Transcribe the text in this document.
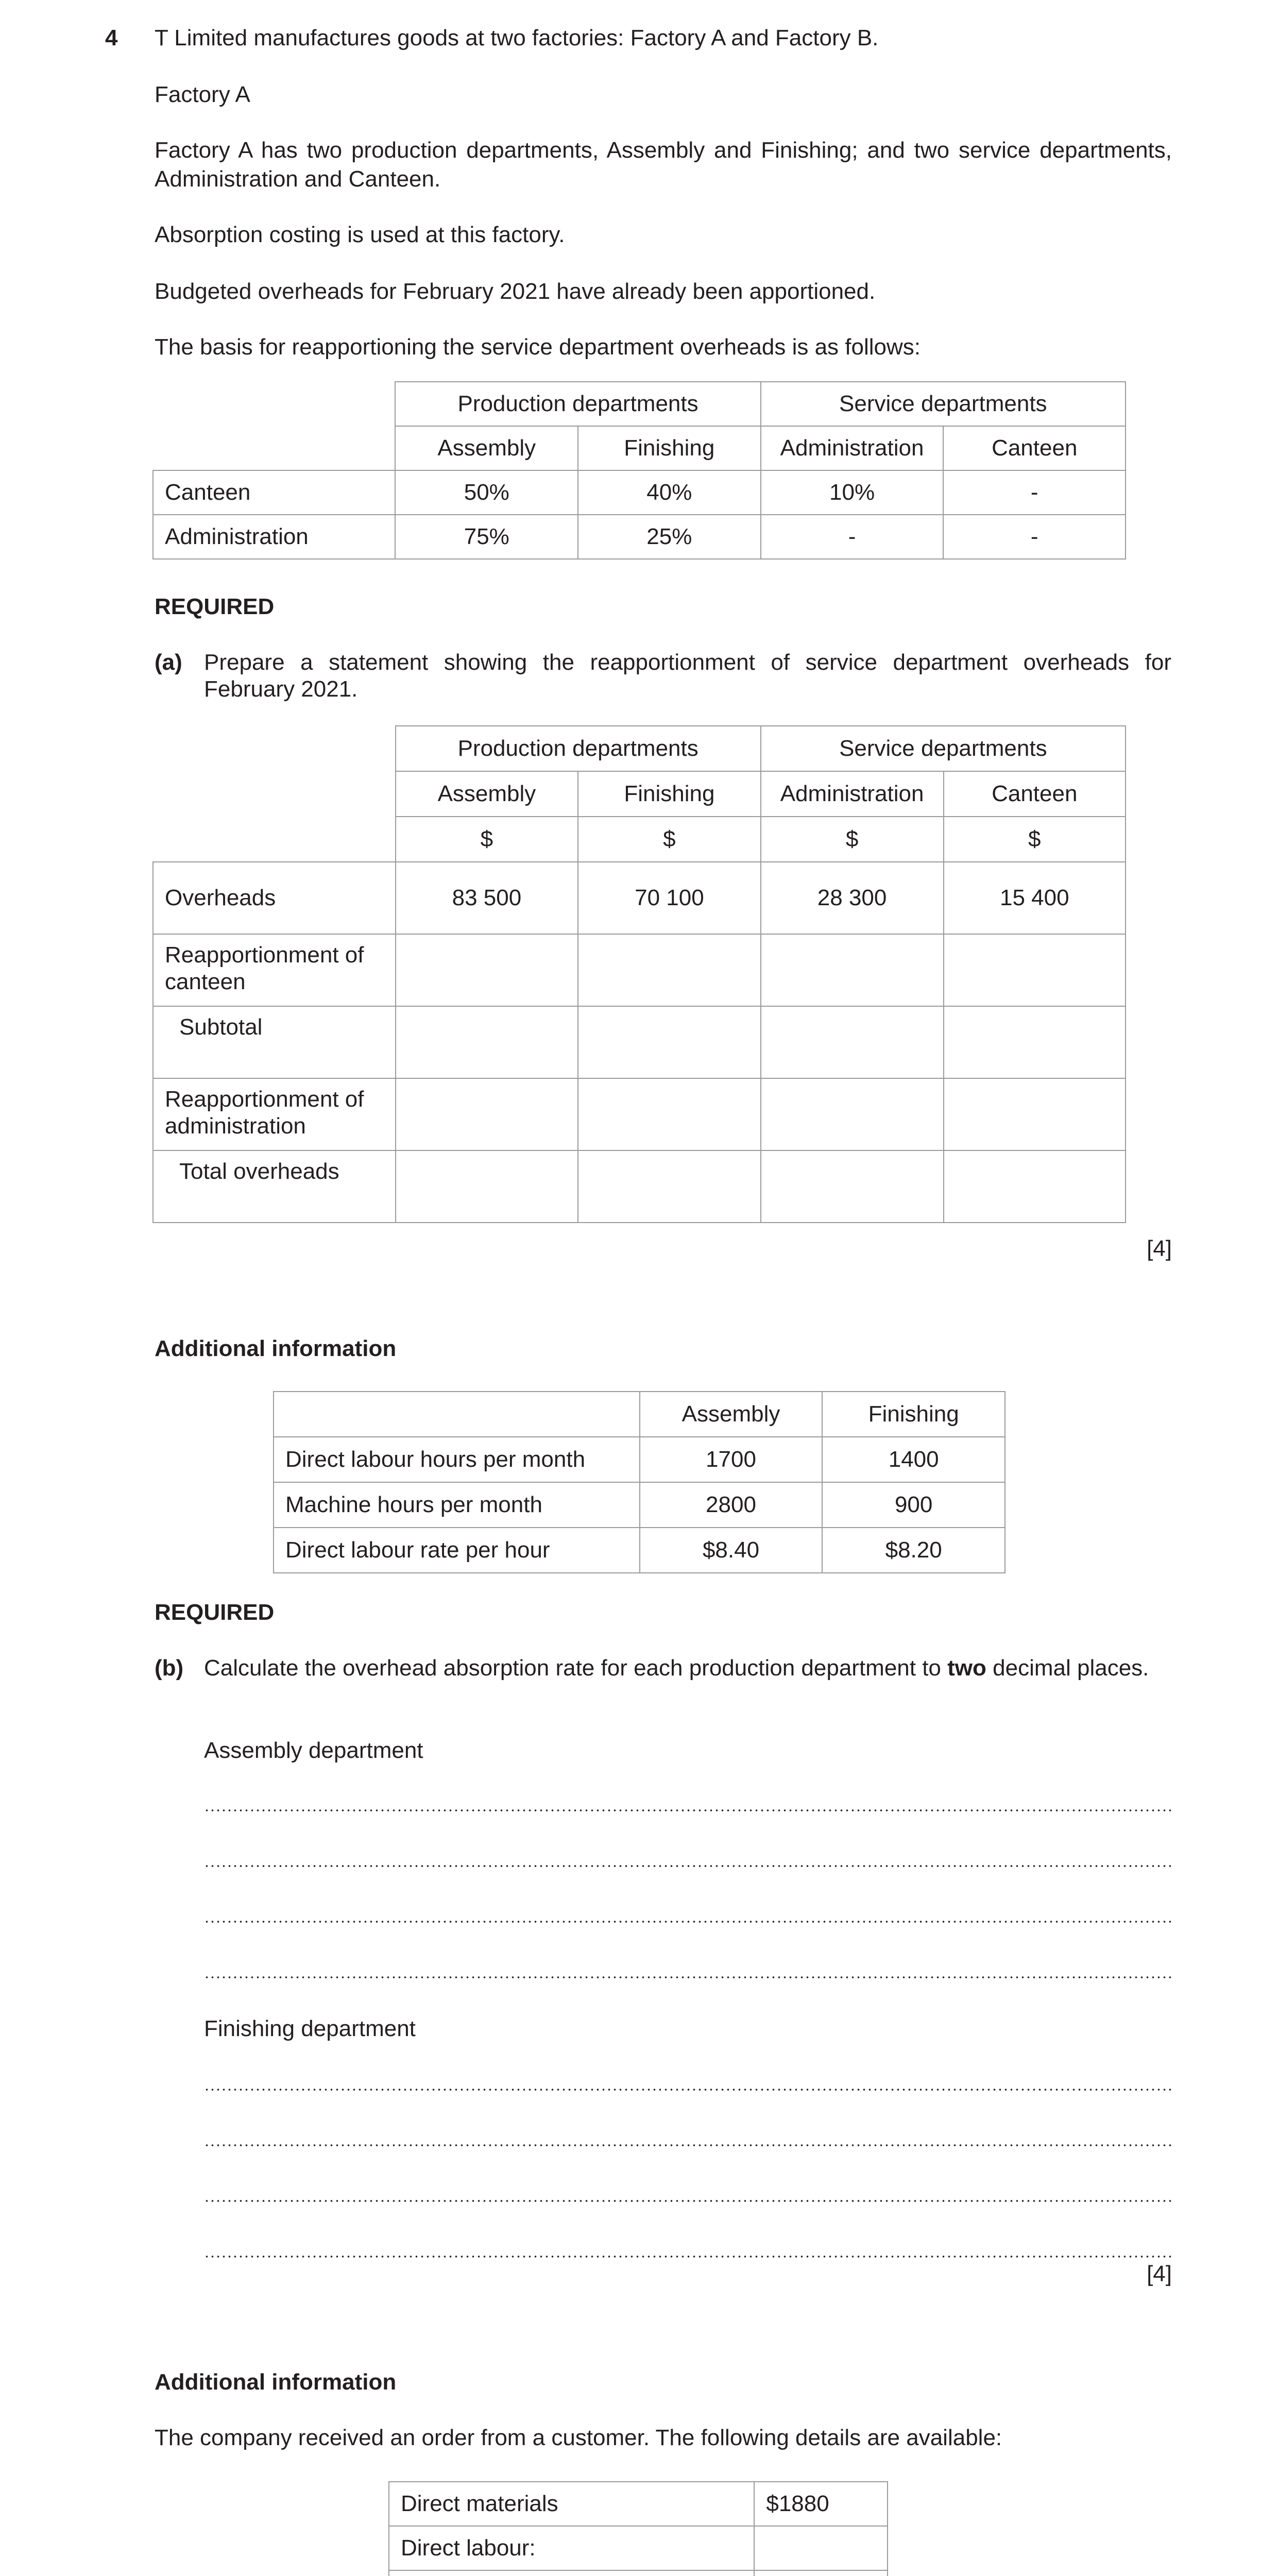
4 T Limited manufactures goods at two factories: Factory A and Factory B.
Factory A
Factory A has two production departments, Assembly and Finishing; and two service departments, Administration and Canteen.
Absorption costing is used at this factory.
Budgeted overheads for February 2021 have already been apportioned.
The basis for reapportioning the service department overheads is as follows:
	Production departments		Service departments	
	Assembly	Finishing	Administration	Canteen
Canteen	50%	40%	10%	-
Administration	75%	25%	-	-
REQUIRED
(a) Prepare a statement showing the reapportionment of service department overheads for February 2021.
	Production departments		Service departments	
	Assembly	Finishing	Administration	Canteen
	$	$	$	$
Overheads	83 500	70 100	28 300	15 400
Reapportionment of canteen				
Subtotal				
Reapportionment of administration				
Total overheads				
[4]
Additional information
	Assembly	Finishing
Direct labour hours per month	1700	1400
Machine hours per month	2800	900
Direct labour rate per hour	$8.40	$8.20
REQUIRED
(b) Calculate the overhead absorption rate for each production department to two decimal places.
Assembly department
Finishing department
[4]
Additional information
The company received an order from a customer. The following details are available:
Direct materials	$1880
Direct labour:	
